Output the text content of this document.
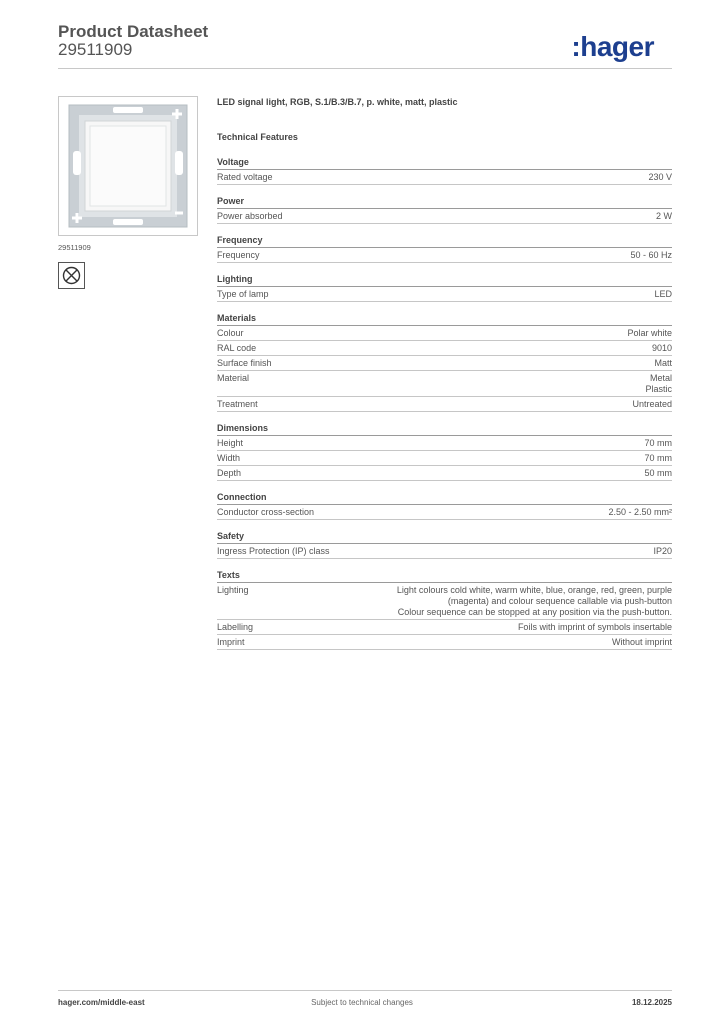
Product Datasheet
29511909	:hager
29511909
LED signal light, RGB, S.1/B.3/B.7, p. white, matt, plastic
Technical Features
Voltage
Rated voltage	230 V
Power
Power absorbed	2 W
Frequency
Frequency	50 - 60 Hz
Lighting
Type of lamp	LED
Materials
Colour	Polar white
RAL code	9010
Surface finish	Matt
Material	Metal
Plastic
Treatment	Untreated
Dimensions
Height	70 mm
Width	70 mm
Depth	50 mm
Connection
Conductor cross-section	2.50 - 2.50 mm²
Safety
Ingress Protection (IP) class	IP20
Texts
Lighting	Light colours cold white, warm white, blue, orange, red, green, purple
(magenta) and colour sequence callable via push-button
Colour sequence can be stopped at any position via the push-button.
Labelling	Foils with imprint of symbols insertable
Imprint	Without imprint
hager.com/middle-east	Subject to technical changes	18.12.2025
